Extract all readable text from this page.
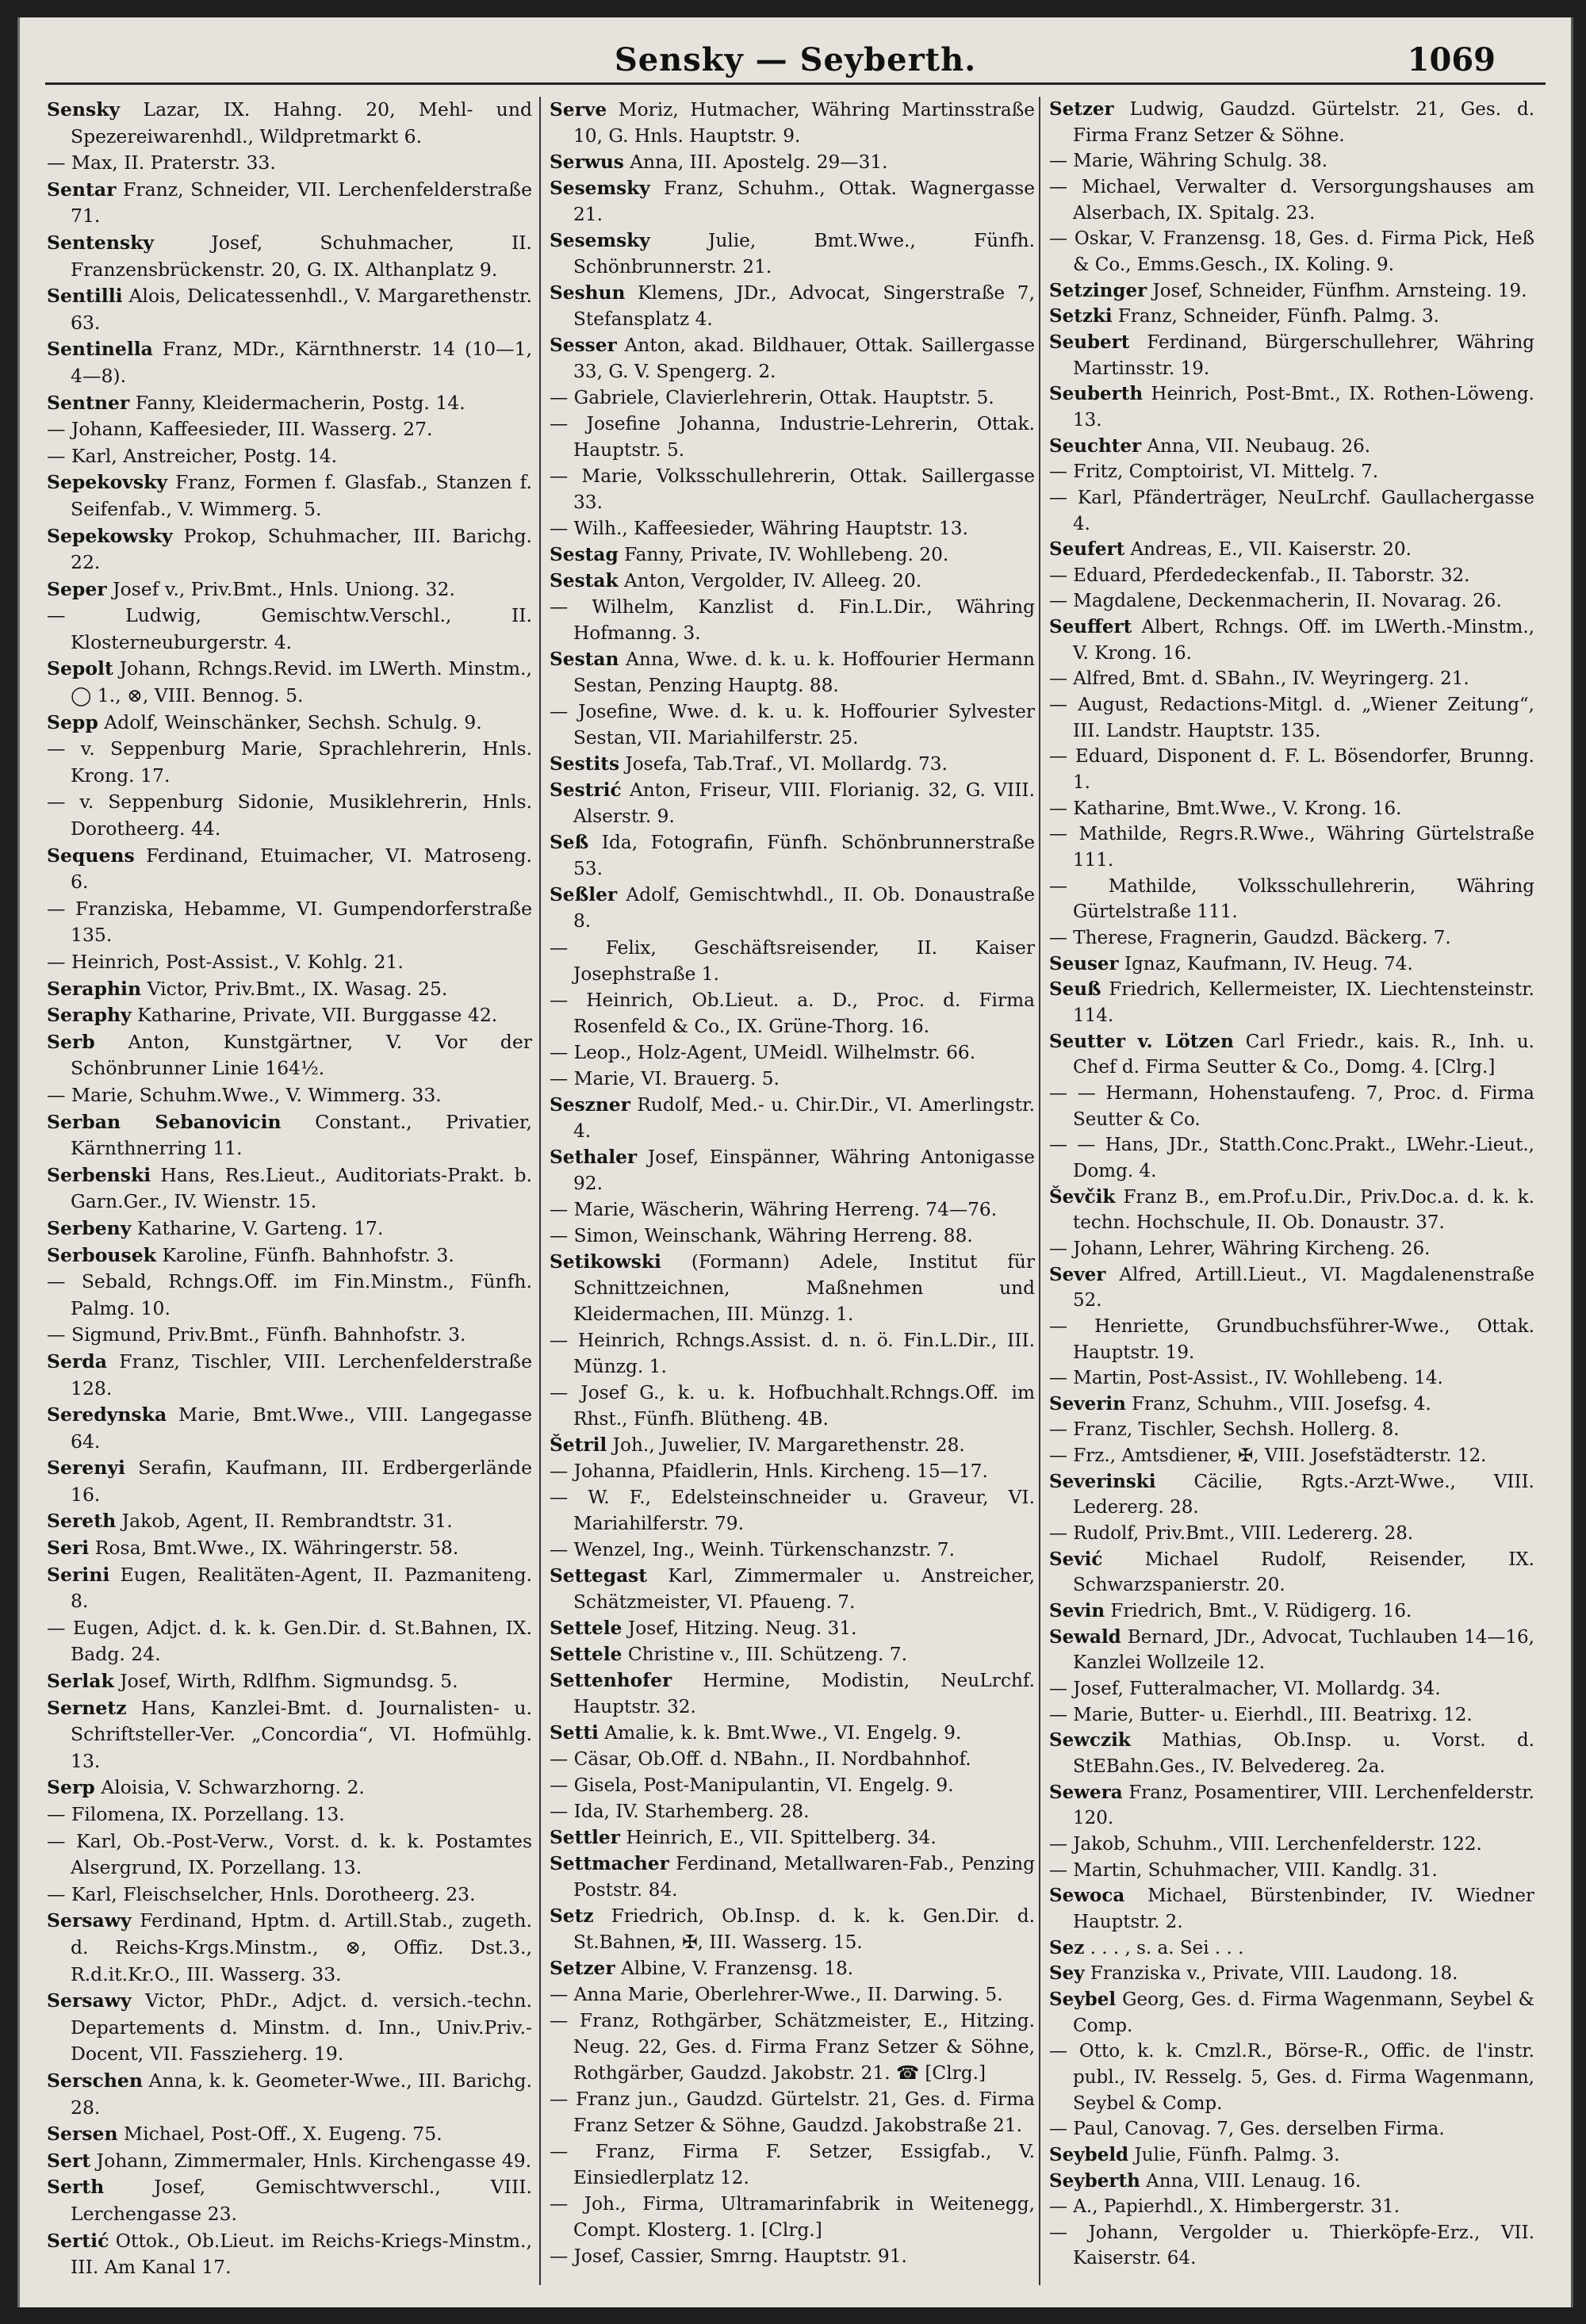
Sensky — Seyberth.	1069

Sensky Lazar, IX. Hahng. 20, Mehl- und Spezereiwarenhdl., Wildpretmarkt 6.

— Max, II. Praterstr. 33.

Sentar Franz, Schneider, VII. Lerchenfelderstraße 71.

Sentensky Josef, Schuhmacher, II. Franzensbrückenstr. 20, G. IX. Althanplatz 9.

Sentilli Alois, Delicatessenhdl., V. Margarethenstr. 63.

Sentinella Franz, MDr., Kärnthnerstr. 14 (10—1, 4—8).

Sentner Fanny, Kleidermacherin, Postg. 14.

— Johann, Kaffeesieder, III. Wasserg. 27.

— Karl, Anstreicher, Postg. 14.

Sepekovsky Franz, Formen f. Glasfab., Stanzen f. Seifenfab., V. Wimmerg. 5.

Sepekowsky Prokop, Schuhmacher, III. Barichg. 22.

Seper Josef v., Priv.Bmt., Hnls. Uniong. 32.

— Ludwig, Gemischtw.Verschl., II. Klosterneuburgerstr. 4.

Sepolt Johann, Rchngs.Revid. im LWerth. Minstm., ◯ 1., ⊗, VIII. Bennog. 5.

Sepp Adolf, Weinschänker, Sechsh. Schulg. 9.

— v. Seppenburg Marie, Sprachlehrerin, Hnls. Krong. 17.

— v. Seppenburg Sidonie, Musiklehrerin, Hnls. Dorotheerg. 44.

Sequens Ferdinand, Etuimacher, VI. Matroseng. 6.

— Franziska, Hebamme, VI. Gumpendorferstraße 135.

— Heinrich, Post-Assist., V. Kohlg. 21.

Seraphin Victor, Priv.Bmt., IX. Wasag. 25.

Seraphy Katharine, Private, VII. Burggasse 42.

Serb Anton, Kunstgärtner, V. Vor der Schönbrunner Linie 164½.

— Marie, Schuhm.Wwe., V. Wimmerg. 33.

Serban Sebanovicin Constant., Privatier, Kärnthnerring 11.

Serbenski Hans, Res.Lieut., Auditoriats-Prakt. b. Garn.Ger., IV. Wienstr. 15.

Serbeny Katharine, V. Garteng. 17.

Serbousek Karoline, Fünfh. Bahnhofstr. 3.

— Sebald, Rchngs.Off. im Fin.Minstm., Fünfh. Palmg. 10.

— Sigmund, Priv.Bmt., Fünfh. Bahnhofstr. 3.

Serda Franz, Tischler, VIII. Lerchenfelderstraße 128.

Seredynska Marie, Bmt.Wwe., VIII. Langegasse 64.

Serenyi Serafin, Kaufmann, III. Erdbergerlände 16.

Sereth Jakob, Agent, II. Rembrandtstr. 31.

Seri Rosa, Bmt.Wwe., IX. Währingerstr. 58.

Serini Eugen, Realitäten-Agent, II. Pazmaniteng. 8.

— Eugen, Adjct. d. k. k. Gen.Dir. d. St.Bahnen, IX. Badg. 24.

Serlak Josef, Wirth, Rdlfhm. Sigmundsg. 5.

Sernetz Hans, Kanzlei-Bmt. d. Journalisten- u. Schriftsteller-Ver. „Concordia“, VI. Hofmühlg. 13.

Serp Aloisia, V. Schwarzhorng. 2.

— Filomena, IX. Porzellang. 13.

— Karl, Ob.-Post-Verw., Vorst. d. k. k. Postamtes Alsergrund, IX. Porzellang. 13.

— Karl, Fleischselcher, Hnls. Dorotheerg. 23.

Sersawy Ferdinand, Hptm. d. Artill.Stab., zugeth. d. Reichs-Krgs.Minstm., ⊗, Offiz. Dst.3., R.d.it.Kr.O., III. Wasserg. 33.

Sersawy Victor, PhDr., Adjct. d. versich.-techn. Departements d. Minstm. d. Inn., Univ.Priv.-Docent, VII. Fasszieherg. 19.

Serschen Anna, k. k. Geometer-Wwe., III. Barichg. 28.

Sersen Michael, Post-Off., X. Eugeng. 75.

Sert Johann, Zimmermaler, Hnls. Kirchengasse 49.

Serth Josef, Gemischtwverschl., VIII. Lerchengasse 23.

Sertić Ottok., Ob.Lieut. im Reichs-Kriegs-Minstm., III. Am Kanal 17.

Serve Moriz, Hutmacher, Währing Martinsstraße 10, G. Hnls. Hauptstr. 9.

Serwus Anna, III. Apostelg. 29—31.

Sesemsky Franz, Schuhm., Ottak. Wagnergasse 21.

Sesemsky Julie, Bmt.Wwe., Fünfh. Schönbrunnerstr. 21.

Seshun Klemens, JDr., Advocat, Singerstraße 7, Stefansplatz 4.

Sesser Anton, akad. Bildhauer, Ottak. Saillergasse 33, G. V. Spengerg. 2.

— Gabriele, Clavierlehrerin, Ottak. Hauptstr. 5.

— Josefine Johanna, Industrie-Lehrerin, Ottak. Hauptstr. 5.

— Marie, Volksschullehrerin, Ottak. Saillergasse 33.

— Wilh., Kaffeesieder, Währing Hauptstr. 13.

Sestag Fanny, Private, IV. Wohllebeng. 20.

Sestak Anton, Vergolder, IV. Alleeg. 20.

— Wilhelm, Kanzlist d. Fin.L.Dir., Währing Hofmanng. 3.

Sestan Anna, Wwe. d. k. u. k. Hoffourier Hermann Sestan, Penzing Hauptg. 88.

— Josefine, Wwe. d. k. u. k. Hoffourier Sylvester Sestan, VII. Mariahilferstr. 25.

Sestits Josefa, Tab.Traf., VI. Mollardg. 73.

Sestrić Anton, Friseur, VIII. Florianig. 32, G. VIII. Alserstr. 9.

Seß Ida, Fotografin, Fünfh. Schönbrunnerstraße 53.

Seßler Adolf, Gemischtwhdl., II. Ob. Donaustraße 8.

— Felix, Geschäftsreisender, II. Kaiser Josephstraße 1.

— Heinrich, Ob.Lieut. a. D., Proc. d. Firma Rosenfeld & Co., IX. Grüne-Thorg. 16.

— Leop., Holz-Agent, UMeidl. Wilhelmstr. 66.

— Marie, VI. Brauerg. 5.

Seszner Rudolf, Med.- u. Chir.Dir., VI. Amerlingstr. 4.

Sethaler Josef, Einspänner, Währing Antonigasse 92.

— Marie, Wäscherin, Währing Herreng. 74—76.

— Simon, Weinschank, Währing Herreng. 88.

Setikowski (Formann) Adele, Institut für Schnittzeichnen, Maßnehmen und Kleidermachen, III. Münzg. 1.

— Heinrich, Rchngs.Assist. d. n. ö. Fin.L.Dir., III. Münzg. 1.

— Josef G., k. u. k. Hofbuchhalt.Rchngs.Off. im Rhst., Fünfh. Blütheng. 4B.

Šetril Joh., Juwelier, IV. Margarethenstr. 28.

— Johanna, Pfaidlerin, Hnls. Kircheng. 15—17.

— W. F., Edelsteinschneider u. Graveur, VI. Mariahilferstr. 79.

— Wenzel, Ing., Weinh. Türkenschanzstr. 7.

Settegast Karl, Zimmermaler u. Anstreicher, Schätzmeister, VI. Pfaueng. 7.

Settele Josef, Hitzing. Neug. 31.

Settele Christine v., III. Schützeng. 7.

Settenhofer Hermine, Modistin, NeuLrchf. Hauptstr. 32.

Setti Amalie, k. k. Bmt.Wwe., VI. Engelg. 9.

— Cäsar, Ob.Off. d. NBahn., II. Nordbahnhof.

— Gisela, Post-Manipulantin, VI. Engelg. 9.

— Ida, IV. Starhemberg. 28.

Settler Heinrich, E., VII. Spittelberg. 34.

Settmacher Ferdinand, Metallwaren-Fab., Penzing Poststr. 84.

Setz Friedrich, Ob.Insp. d. k. k. Gen.Dir. d. St.Bahnen, ✠, III. Wasserg. 15.

Setzer Albine, V. Franzensg. 18.

— Anna Marie, Oberlehrer-Wwe., II. Darwing. 5.

— Franz, Rothgärber, Schätzmeister, E., Hitzing. Neug. 22, Ges. d. Firma Franz Setzer & Söhne, Rothgärber, Gaudzd. Jakobstr. 21. ☎ [Clrg.]

— Franz jun., Gaudzd. Gürtelstr. 21, Ges. d. Firma Franz Setzer & Söhne, Gaudzd. Jakobstraße 21.

— Franz, Firma F. Setzer, Essigfab., V. Einsiedlerplatz 12.

— Joh., Firma, Ultramarinfabrik in Weitenegg, Compt. Klosterg. 1. [Clrg.]

— Josef, Cassier, Smrng. Hauptstr. 91.

Setzer Ludwig, Gaudzd. Gürtelstr. 21, Ges. d. Firma Franz Setzer & Söhne.

— Marie, Währing Schulg. 38.

— Michael, Verwalter d. Versorgungshauses am Alserbach, IX. Spitalg. 23.

— Oskar, V. Franzensg. 18, Ges. d. Firma Pick, Heß & Co., Emms.Gesch., IX. Koling. 9.

Setzinger Josef, Schneider, Fünfhm. Arnsteing. 19.

Setzki Franz, Schneider, Fünfh. Palmg. 3.

Seubert Ferdinand, Bürgerschullehrer, Währing Martinsstr. 19.

Seuberth Heinrich, Post-Bmt., IX. Rothen-Löweng. 13.

Seuchter Anna, VII. Neubaug. 26.

— Fritz, Comptoirist, VI. Mittelg. 7.

— Karl, Pfänderträger, NeuLrchf. Gaullachergasse 4.

Seufert Andreas, E., VII. Kaiserstr. 20.

— Eduard, Pferdedeckenfab., II. Taborstr. 32.

— Magdalene, Deckenmacherin, II. Novarag. 26.

Seuffert Albert, Rchngs. Off. im LWerth.-Minstm., V. Krong. 16.

— Alfred, Bmt. d. SBahn., IV. Weyringerg. 21.

— August, Redactions-Mitgl. d. „Wiener Zeitung“, III. Landstr. Hauptstr. 135.

— Eduard, Disponent d. F. L. Bösendorfer, Brunng. 1.

— Katharine, Bmt.Wwe., V. Krong. 16.

— Mathilde, Regrs.R.Wwe., Währing Gürtelstraße 111.

— Mathilde, Volksschullehrerin, Währing Gürtelstraße 111.

— Therese, Fragnerin, Gaudzd. Bäckerg. 7.

Seuser Ignaz, Kaufmann, IV. Heug. 74.

Seuß Friedrich, Kellermeister, IX. Liechtensteinstr. 114.

Seutter v. Lötzen Carl Friedr., kais. R., Inh. u. Chef d. Firma Seutter & Co., Domg. 4. [Clrg.]

— — Hermann, Hohenstaufeng. 7, Proc. d. Firma Seutter & Co.

— — Hans, JDr., Statth.Conc.Prakt., LWehr.-Lieut., Domg. 4.

Ševčik Franz B., em.Prof.u.Dir., Priv.Doc.a. d. k. k. techn. Hochschule, II. Ob. Donaustr. 37.

— Johann, Lehrer, Währing Kircheng. 26.

Sever Alfred, Artill.Lieut., VI. Magdalenenstraße 52.

— Henriette, Grundbuchsführer-Wwe., Ottak. Hauptstr. 19.

— Martin, Post-Assist., IV. Wohllebeng. 14.

Severin Franz, Schuhm., VIII. Josefsg. 4.

— Franz, Tischler, Sechsh. Hollerg. 8.

— Frz., Amtsdiener, ✠, VIII. Josefstädterstr. 12.

Severinski Cäcilie, Rgts.-Arzt-Wwe., VIII. Ledererg. 28.

— Rudolf, Priv.Bmt., VIII. Ledererg. 28.

Sević Michael Rudolf, Reisender, IX. Schwarzspanierstr. 20.

Sevin Friedrich, Bmt., V. Rüdigerg. 16.

Sewald Bernard, JDr., Advocat, Tuchlauben 14—16, Kanzlei Wollzeile 12.

— Josef, Futteralmacher, VI. Mollardg. 34.

— Marie, Butter- u. Eierhdl., III. Beatrixg. 12.

Sewczik Mathias, Ob.Insp. u. Vorst. d. StEBahn.Ges., IV. Belvedereg. 2a.

Sewera Franz, Posamentirer, VIII. Lerchenfelderstr. 120.

— Jakob, Schuhm., VIII. Lerchenfelderstr. 122.

— Martin, Schuhmacher, VIII. Kandlg. 31.

Sewoca Michael, Bürstenbinder, IV. Wiedner Hauptstr. 2.

Sez . . . , s. a. Sei . . .

Sey Franziska v., Private, VIII. Laudong. 18.

Seybel Georg, Ges. d. Firma Wagenmann, Seybel & Comp.

— Otto, k. k. Cmzl.R., Börse-R., Offic. de l'instr. publ., IV. Resselg. 5, Ges. d. Firma Wagenmann, Seybel & Comp.

— Paul, Canovag. 7, Ges. derselben Firma.

Seybeld Julie, Fünfh. Palmg. 3.

Seyberth Anna, VIII. Lenaug. 16.

— A., Papierhdl., X. Himbergerstr. 31.

— Johann, Vergolder u. Thierköpfe-Erz., VII. Kaiserstr. 64.
